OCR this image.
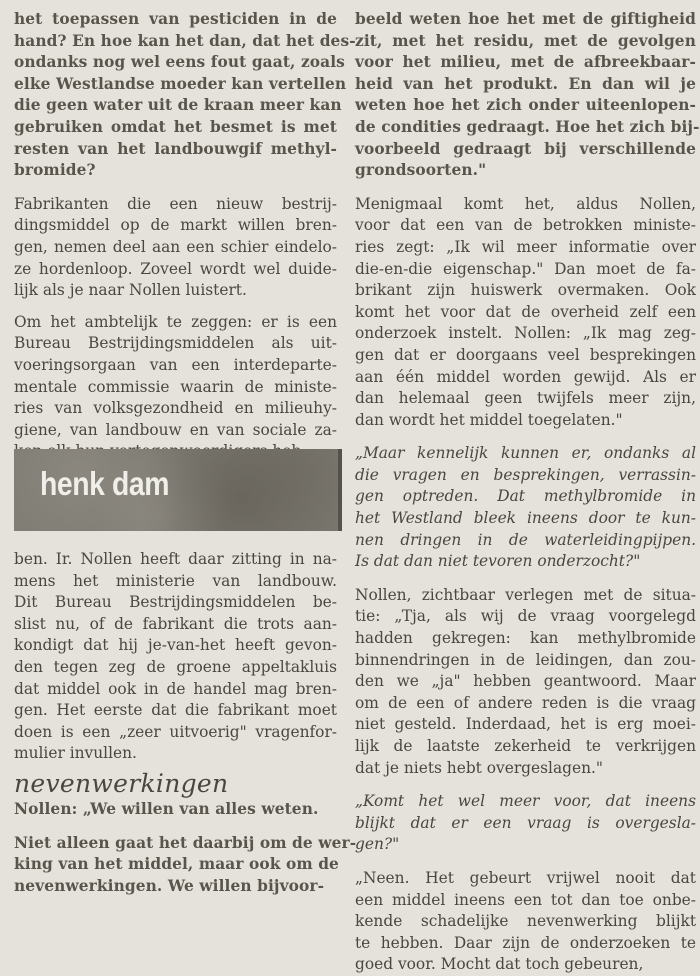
het toepassen van pesticiden in de
hand? En hoe kan het dan, dat het des-
ondanks nog wel eens fout gaat, zoals
elke Westlandse moeder kan vertellen
die geen water uit de kraan meer kan
gebruiken omdat het besmet is met
resten van het landbouwgif methyl-
bromide?
Fabrikanten die een nieuw bestrij-
dingsmiddel op de markt willen bren-
gen, nemen deel aan een schier eindelo-
ze hordenloop. Zoveel wordt wel duide-
lijk als je naar Nollen luistert.
Om het ambtelijk te zeggen: er is een
Bureau Bestrijdingsmiddelen als uit-
voeringsorgaan van een interdeparte-
mentale commissie waarin de ministe-
ries van volksgezondheid en milieuhy-
giene, van landbouw en van sociale za-
henk dam
ben. Ir. Nollen heeft daar zitting in na-
mens het ministerie van landbouw.
Dit Bureau Bestrijdingsmiddelen be-
slist nu, of de fabrikant die trots aan-
kondigt dat hij je-van-het heeft gevon-
den tegen zeg de groene appeltakluis
dat middel ook in de handel mag bren-
gen. Het eerste dat die fabrikant moet
doen is een „zeer uitvoerig" vragenfor-
mulier invullen.
nevenwerkingen
Nollen: „We willen van alles weten.
Niet alleen gaat het daarbij om de wer-
king van het middel, maar ook om de
nevenwerkingen. We willen bijvoor-
beeld weten hoe het met de giftigheid
zit, met het residu, met de gevolgen
voor het milieu, met de afbreekbaar-
heid van het produkt. En dan wil je
weten hoe het zich onder uiteenlopen-
de condities gedraagt. Hoe het zich bij-
voorbeeld gedraagt bij verschillende
grondsoorten."
Menigmaal komt het, aldus Nollen,
voor dat een van de betrokken ministe-
ries zegt: „Ik wil meer informatie over
die-en-die eigenschap." Dan moet de fa-
brikant zijn huiswerk overmaken. Ook
komt het voor dat de overheid zelf een
onderzoek instelt. Nollen: „Ik mag zeg-
gen dat er doorgaans veel besprekingen
aan één middel worden gewijd. Als er
dan helemaal geen twijfels meer zijn,
dan wordt het middel toegelaten."
„Maar kennelijk kunnen er, ondanks al
die vragen en besprekingen, verrassin-
gen optreden. Dat methylbromide in
het Westland bleek ineens door te kun-
nen dringen in de waterleidingpijpen.
Is dat dan niet tevoren onderzocht?"
Nollen, zichtbaar verlegen met de situa-
tie: „Tja, als wij de vraag voorgelegd
hadden gekregen: kan methylbromide
binnendringen in de leidingen, dan zou-
den we „ja" hebben geantwoord. Maar
om de een of andere reden is die vraag
niet gesteld. Inderdaad, het is erg moei-
lijk de laatste zekerheid te verkrijgen
dat je niets hebt overgeslagen."
„Komt het wel meer voor, dat ineens
blijkt dat er een vraag is overgesla-
gen?"
„Neen. Het gebeurt vrijwel nooit dat
een middel ineens een tot dan toe onbe-
kende schadelijke nevenwerking blijkt
te hebben. Daar zijn de onderzoeken te
goed voor. Mocht dat toch gebeuren,
